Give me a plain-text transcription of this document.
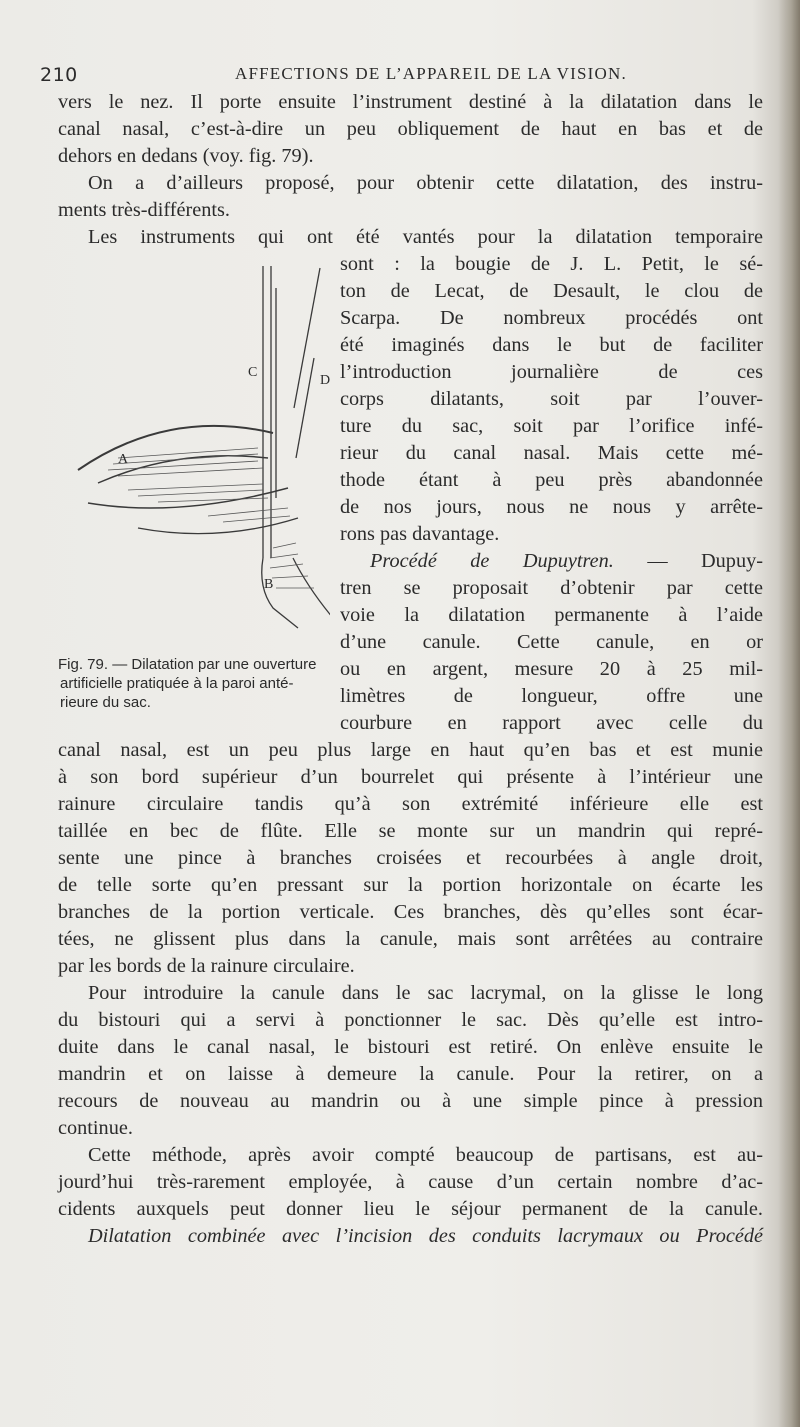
210	AFFECTIONS DE L’APPAREIL DE LA VISION.
vers le nez. Il porte ensuite l’instrument destiné à la dilatation dans le
canal nasal, c’est-à-dire un peu obliquement de haut en bas et de
dehors en dedans (voy. fig. 79).
On a d’ailleurs proposé, pour obtenir cette dilatation, des instru-
ments très-différents.
Les instruments qui ont été vantés pour la dilatation temporaire
sont : la bougie de J. L. Petit, le sé-
ton de Lecat, de Desault, le clou de
Scarpa. De nombreux procédés ont
été imaginés dans le but de faciliter
l’introduction journalière de ces
corps dilatants, soit par l’ouver-
ture du sac, soit par l’orifice infé-
rieur du canal nasal. Mais cette mé-
thode étant à peu près abandonnée
de nos jours, nous ne nous y arrête-
rons pas davantage.
Procédé de Dupuytren. — Dupuy-
tren se proposait d’obtenir par cette
voie la dilatation permanente à l’aide
d’une canule. Cette canule, en or
ou en argent, mesure 20 à 25 mil-
limètres de longueur, offre une
courbure en rapport avec celle du
canal nasal, est un peu plus large en haut qu’en bas et est munie
à son bord supérieur d’un bourrelet qui présente à l’intérieur une
rainure circulaire tandis qu’à son extrémité inférieure elle est
taillée en bec de flûte. Elle se monte sur un mandrin qui repré-
sente une pince à branches croisées et recourbées à angle droit,
de telle sorte qu’en pressant sur la portion horizontale on écarte les
branches de la portion verticale. Ces branches, dès qu’elles sont écar-
tées, ne glissent plus dans la canule, mais sont arrêtées au contraire
par les bords de la rainure circulaire.
Pour introduire la canule dans le sac lacrymal, on la glisse le long
du bistouri qui a servi à ponctionner le sac. Dès qu’elle est intro-
duite dans le canal nasal, le bistouri est retiré. On enlève ensuite le
mandrin et on laisse à demeure la canule. Pour la retirer, on a
recours de nouveau au mandrin ou à une simple pince à pression
continue.
Cette méthode, après avoir compté beaucoup de partisans, est au-
jourd’hui très-rarement employée, à cause d’un certain nombre d’ac-
cidents auxquels peut donner lieu le séjour permanent de la canule.
Dilatation combinée avec l’incision des conduits lacrymaux ou Procédé
C
D
A
B
Fig. 79. — Dilatation par une ouverture
artificielle pratiquée à la paroi anté-
rieure du sac.
